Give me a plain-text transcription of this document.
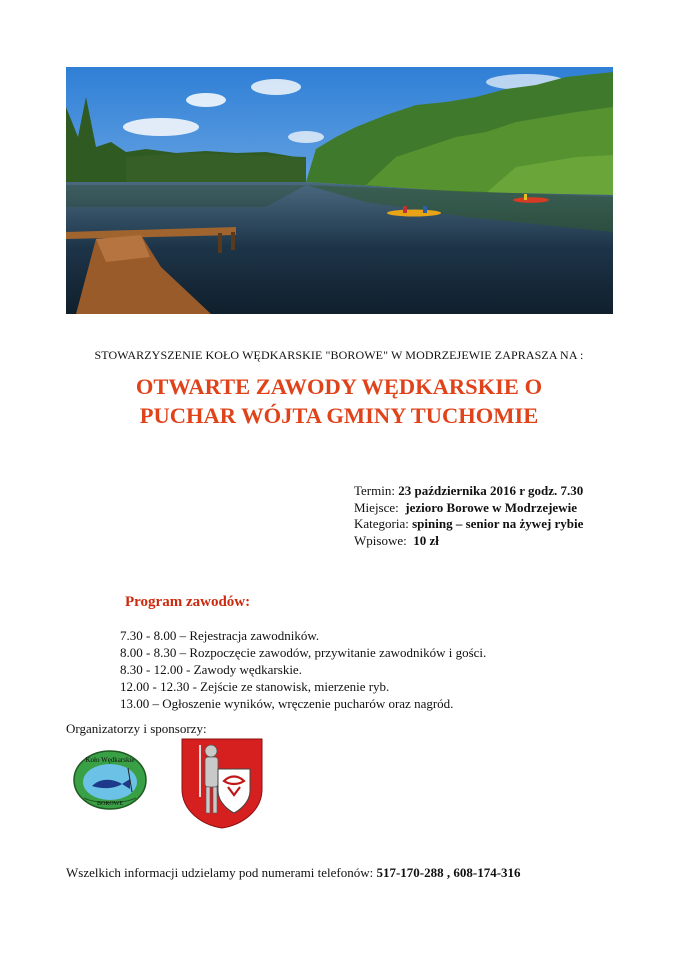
STOWARZYSZENIE KOŁO WĘDKARSKIE "BOROWE" W MODRZEJEWIE ZAPRASZA NA :
OTWARTE ZAWODY WĘDKARSKIE O
PUCHAR WÓJTA GMINY TUCHOMIE
Termin: 23 października 2016 r godz. 7.30
Miejsce: jezioro Borowe w Modrzejewie
Kategoria: spining – senior na żywej rybie
Wpisowe: 10 zł
Program zawodów:
7.30 - 8.00 – Rejestracja zawodników.
8.00 - 8.30 – Rozpoczęcie zawodów, przywitanie zawodników i gości.
8.30 - 12.00 - Zawody wędkarskie.
12.00 - 12.30 - Zejście ze stanowisk, mierzenie ryb.
13.00 – Ogłoszenie wyników, wręczenie pucharów oraz nagród.
Organizatorzy i sponsorzy:
Koło Wędkarskie
BOROWE
Wszelkich informacji udzielamy pod numerami telefonów: 517-170-288 , 608-174-316
